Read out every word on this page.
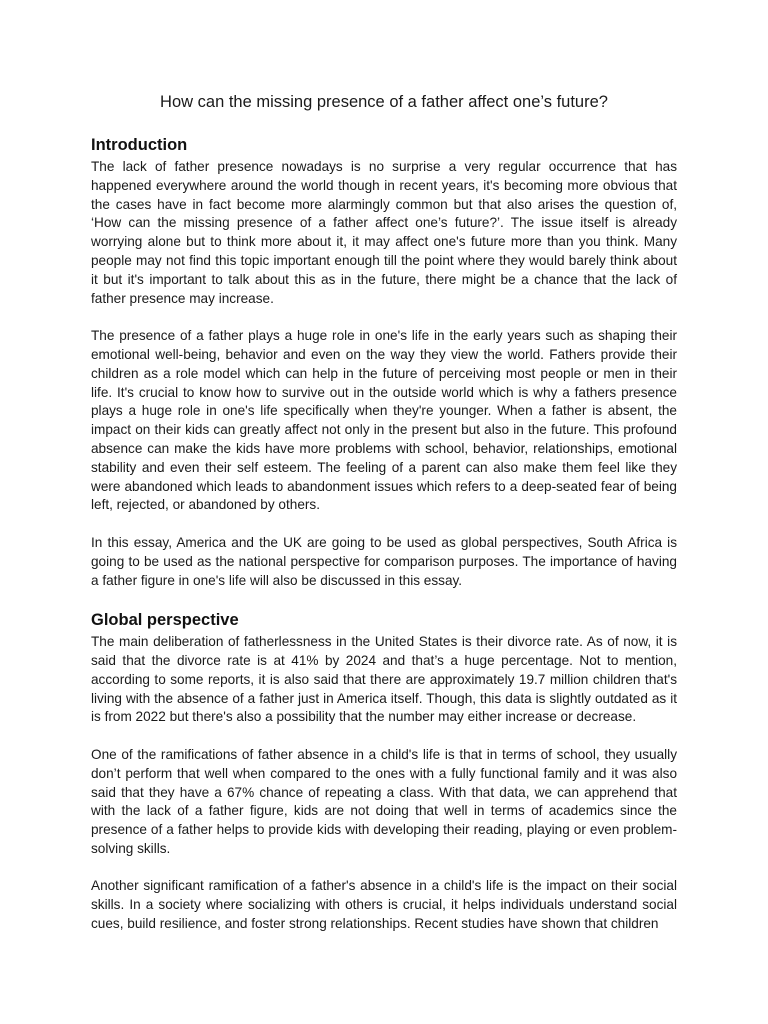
How can the missing presence of a father affect one’s future?
Introduction

The lack of father presence nowadays is no surprise a very regular occurrence that has happened everywhere around the world though in recent years, it's becoming more obvious that the cases have in fact become more alarmingly common but that also arises the question of, ‘How can the missing presence of a father affect one’s future?’. The issue itself is already worrying alone but to think more about it, it may affect one's future more than you think. Many people may not find this topic important enough till the point where they would barely think about it but it's important to talk about this as in the future, there might be a chance that the lack of father presence may increase.

The presence of a father plays a huge role in one's life in the early years such as shaping their emotional well-being, behavior and even on the way they view the world. Fathers provide their children as a role model which can help in the future of perceiving most people or men in their life. It's crucial to know how to survive out in the outside world which is why a fathers presence plays a huge role in one's life specifically when they're younger. When a father is absent, the impact on their kids can greatly affect not only in the present but also in the future. This profound absence can make the kids have more problems with school, behavior, relationships, emotional stability and even their self esteem. The feeling of a parent can also make them feel like they were abandoned which leads to abandonment issues which refers to a deep-seated fear of being left, rejected, or abandoned by others.

In this essay, America and the UK are going to be used as global perspectives, South Africa is going to be used as the national perspective for comparison purposes. The importance of having a father figure in one's life will also be discussed in this essay.

Global perspective

The main deliberation of fatherlessness in the United States is their divorce rate. As of now, it is said that the divorce rate is at 41% by 2024 and that’s a huge percentage. Not to mention, according to some reports, it is also said that there are approximately 19.7 million children that's living with the absence of a father just in America itself. Though, this data is slightly outdated as it is from 2022 but there's also a possibility that the number may either increase or decrease.

One of the ramifications of father absence in a child's life is that in terms of school, they usually don’t perform that well when compared to the ones with a fully functional family and it was also said that they have a 67% chance of repeating a class. With that data, we can apprehend that with the lack of a father figure, kids are not doing that well in terms of academics since the presence of a father helps to provide kids with developing their reading, playing or even problem-solving skills.

Another significant ramification of a father's absence in a child's life is the impact on their social skills. In a society where socializing with others is crucial, it helps individuals understand social cues, build resilience, and foster strong relationships. Recent studies have shown that children
